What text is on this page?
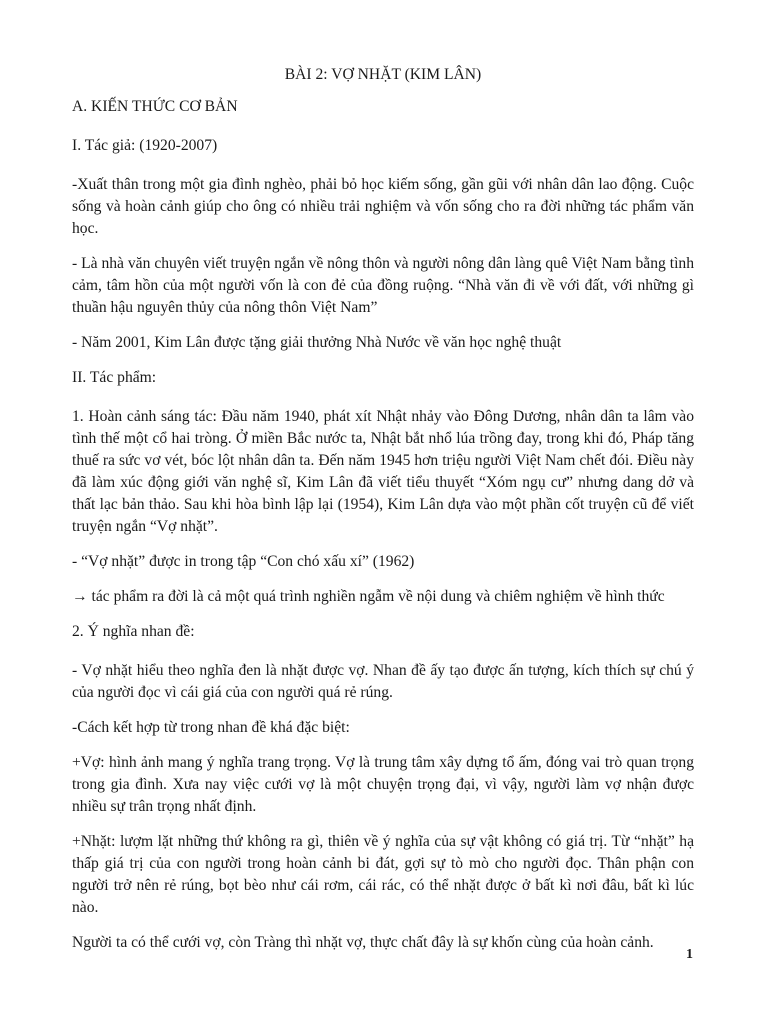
BÀI 2: VỢ NHẶT (KIM LÂN)
A. KIẾN THỨC CƠ BẢN
I. Tác giả: (1920-2007)
-Xuất thân trong một gia đình nghèo, phải bỏ học kiếm sống, gần gũi với nhân dân lao động. Cuộc sống và hoàn cảnh giúp cho ông có nhiều trải nghiệm và vốn sống cho ra đời những tác phẩm văn học.
- Là nhà văn chuyên viết truyện ngắn về nông thôn và người nông dân làng quê Việt Nam bằng tình cảm, tâm hồn của một người vốn là con đẻ của đồng ruộng. “Nhà văn đi về với đất, với những gì thuần hậu nguyên thủy của nông thôn Việt Nam”
- Năm 2001, Kim Lân được tặng giải thưởng Nhà Nước về văn học nghệ thuật
II. Tác phẩm:
1. Hoàn cảnh sáng tác: Đầu năm 1940, phát xít Nhật nhảy vào Đông Dương, nhân dân ta lâm vào tình thế một cổ hai tròng. Ở miền Bắc nước ta, Nhật bắt nhổ lúa trồng đay, trong khi đó, Pháp tăng thuế ra sức vơ vét, bóc lột nhân dân ta. Đến năm 1945 hơn triệu người Việt Nam chết đói. Điều này đã làm xúc động giới văn nghệ sĩ, Kim Lân đã viết tiểu thuyết “Xóm ngụ cư” nhưng dang dở và thất lạc bản thảo. Sau khi hòa bình lập lại (1954), Kim Lân dựa vào một phần cốt truyện cũ để viết truyện ngắn “Vợ nhặt”.
- “Vợ nhặt” được in trong tập “Con chó xấu xí” (1962)
→ tác phẩm ra đời là cả một quá trình nghiền ngẫm về nội dung và chiêm nghiệm về hình thức
2. Ý nghĩa nhan đề:
- Vợ nhặt hiểu theo nghĩa đen là nhặt được vợ. Nhan đề ấy tạo được ấn tượng, kích thích sự chú ý của người đọc vì cái giá của con người quá rẻ rúng.
-Cách kết hợp từ trong nhan đề khá đặc biệt:
+Vợ: hình ảnh mang ý nghĩa trang trọng. Vợ là trung tâm xây dựng tổ ấm, đóng vai trò quan trọng trong gia đình. Xưa nay việc cưới vợ là một chuyện trọng đại, vì vậy, người làm vợ nhận được nhiều sự trân trọng nhất định.
+Nhặt: lượm lặt những thứ không ra gì, thiên về ý nghĩa của sự vật không có giá trị. Từ “nhặt” hạ thấp giá trị của con người trong hoàn cảnh bi đát, gợi sự tò mò cho người đọc. Thân phận con người trở nên rẻ rúng, bọt bèo như cái rơm, cái rác, có thể nhặt được ở bất kì nơi đâu, bất kì lúc nào.
Người ta có thể cưới vợ, còn Tràng thì nhặt vợ, thực chất đây là sự khốn cùng của hoàn cảnh.
1
